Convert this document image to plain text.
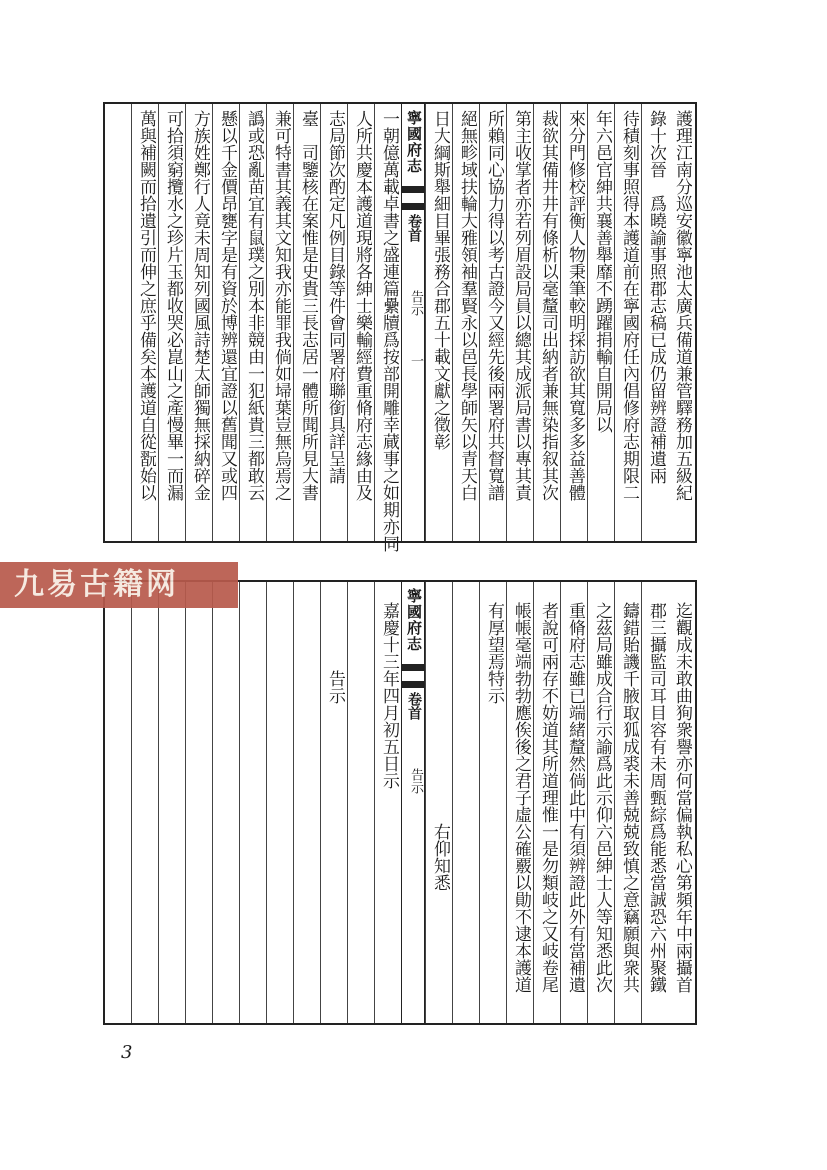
護理江南分巡安徽寧池太廣兵備道兼管驛務加五級紀
錄十次晉　爲曉諭事照郡志稿已成仍留辨證補遺兩
待積刻事照得本護道前在寧國府任內倡修府志期限二
年六邑官紳共襄善舉靡不踴躍捐輸自開局以
來分門修校評衡人物秉筆較明採訪欲其寬多多益善體
裁欲其備井井有條析以毫釐司出納者兼無染指叙其次
第主收掌者亦若列眉設局員以總其成派局書以專其責
所賴同心協力得以考古證今又經先後兩署府共督寬譜
絕無畛域扶輪大雅領袖羣賢永以邑長學師矢以青天白
日大綱斯舉細目畢張務合郡五十載文獻之徵彰
一朝億萬載卓書之盛連篇纍牘爲按部開雕幸蕆事之如期亦同
人所共慶本護道現將各紳士樂輸經費重脩府志緣由及
志局節次酌定凡例目錄等件會同署府聯銜具詳呈請
臺　司鑒核在案惟是史貴三長志居一體所聞所見大書
兼可特書其義其文知我亦能罪我倘如埽葉豈無烏焉之
譌或恐亂苗宜有鼠璞之別本非競由一犯紙貴三都敢云
懸以千金價昂甕字是有資於博辨還宜證以舊聞又或四
方族姓鄭行人竟未周知列國風詩楚太師獨無採納碎金
可拾須窮攬水之珍片玉都收哭必崑山之產慢畢一而漏
萬與補闕而拾遺引而伸之庶乎備矣本護道自從翫始以	寧國府志
卷首
告示
一
迄觀成未敢曲狥衆譽亦何當偏執私心第頻年中兩攝首
郡三攝監司耳目容有未周甄綜爲能悉當誠恐六州聚鐵
鑄錯貽譏千腋取狐成裘未善兢兢致慎之意竊願與衆共
之茲局雖成合行示諭爲此示仰六邑紳士人等知悉此次
重脩府志雖已端緒釐然倘此中有須辨證此外有當補遺
者說可兩存不妨道其所道理惟一是勿類岐之又岐卷尾
帳帳毫端勃勃應俟後之君子虛公確覈以勛不逮本護道
有厚望焉特示
　　　　　　　　　　　　　右仰知悉
嘉慶十三年四月初五日示
　　　　告示	寧國府志
卷首
告示
九易古籍网
3
